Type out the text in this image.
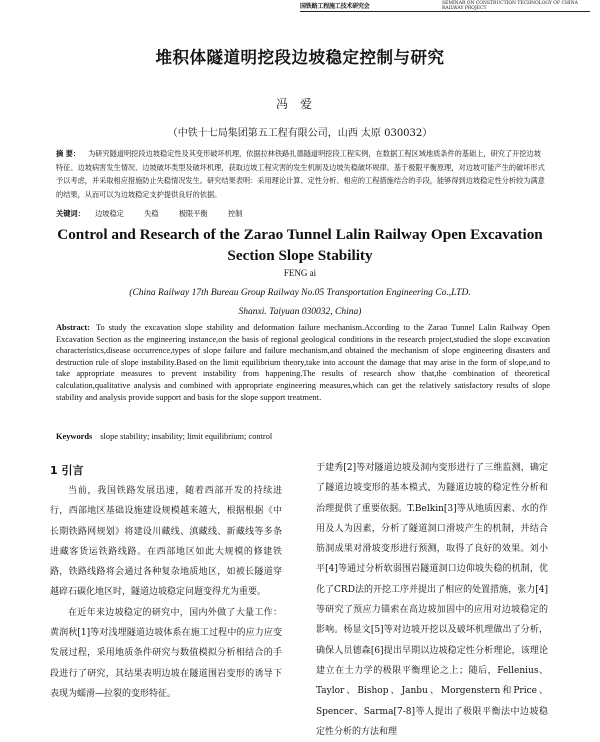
国铁路工程施工技术研究会	SEMINAR ON CONSTRUCTION TECHNOLOGY OF CHINA RAILWAY PROJECT
堆积体隧道明挖段边坡稳定控制与研究
冯爱
（中铁十七局集团第五工程有限公司，山西 太原 030032）
摘 要： 为研究隧道明挖段边坡稳定性及其变形破坏机理，依据拉林铁路扎德隧道明挖段工程实例，在数据工程区域地质条件的基础上，研究了开挖边坡特征、边坡病害发生情况、边坡破坏类型及破坏机理，获取边坡工程灾害的发生机制及边坡失稳破坏规律。基于极限平衡原理，对边坡可能产生的破坏形式予以考虑，并采取相应措施防止失稳情况发生。研究结果表明：采用理论计算、定性分析、相应的工程措施结合的手段，能够得到边坡稳定性分析较为满意的结果，从而可以为边坡稳定支护提供良好的依据。
关键词： 边坡稳定	失稳	极限平衡	控制
Control and Research of the Zarao Tunnel Lalin Railway Open Excavation Section Slope Stability
FENG ai
(China Railway 17th Bureau Group Railway No.05 Transportation Engineering Co.,LTD.
Shanxi. Taiyuan 030032, China)
Abstract: To study the excavation slope stability and deformation failure mechanism.According to the Zarao Tunnel Lalin Railway Open Excavation Section as the engineering instance,on the basis of regional geological conditions in the research project,studied the slope excavation characteristics,disease occurrence,types of slope failure and failure mechanism,and obtained the mechanism of slope engineering disasters and destruction rule of slope instability.Based on the limit equilibrium theory,take into account the damage that may arise in the form of slope,and to take appropriate measures to prevent instability from happening.The results of research show that,the combination of theoretical calculation,qualitative analysis and combined with appropriate engineering measures,which can get the relatively satisfactory results of slope stability and analysis provide support and basis for the slope support treatment.
Keywords slope stability; insability; limit equilibrium; control
1 引言

当前，我国铁路发展迅速，随着西部开发的持续进行，西部地区基础设施建设规模越来越大，根据根据《中长期铁路网规划》将建设川藏线、滇藏线、新藏线等多条进藏客货运铁路线路。在西部地区如此大规模的修建铁路，铁路线路将会通过各种复杂地质地区，如被长隧道穿越碎石碳化地区时，隧道边坡稳定问题变得尤为重要。

在近年来边坡稳定的研究中，国内外做了大量工作：黄润秋[1]等对浅埋隧道边坡体系在施工过程中的应力应变发展过程，采用地质条件研究与数值模拟分析相结合的手段进行了研究，其结果表明边坡在隧道围岩变形的诱导下表现为蠕滑—拉裂的变形特征。

于建秀[2]等对隧道边坡及洞内变形进行了三维监测，确定了隧道边坡变形的基本模式，为隧道边坡的稳定性分析和治理提供了重要依据。T.Belkin[3]等从地质因素、水的作用及人为因素，分析了隧道洞口滑坡产生的机制，并结合筋洞成果对滑坡变形进行预测，取得了良好的效果。刘小平[4]等通过分析软弱围岩隧道洞口边仰坡失稳的机制，优化了CRD法的开挖工序并提出了相应的处置措施，张力[4]等研究了预应力锚索在高边坡加固中的应用对边坡稳定的影响。杨显文[5]等对边坡开挖以及破坏机理做出了分析，确保人员德森[6]提出早期以边坡稳定性分析理论，该理论建立在土力学的极限平衡理论之上；随后，Fellenius、Taylor、Bishop、Janbu、Morgenstern和Price、Spencer、Sarma[7-8]等人提出了极限平衡法中边坡稳定性分析的方法和理
